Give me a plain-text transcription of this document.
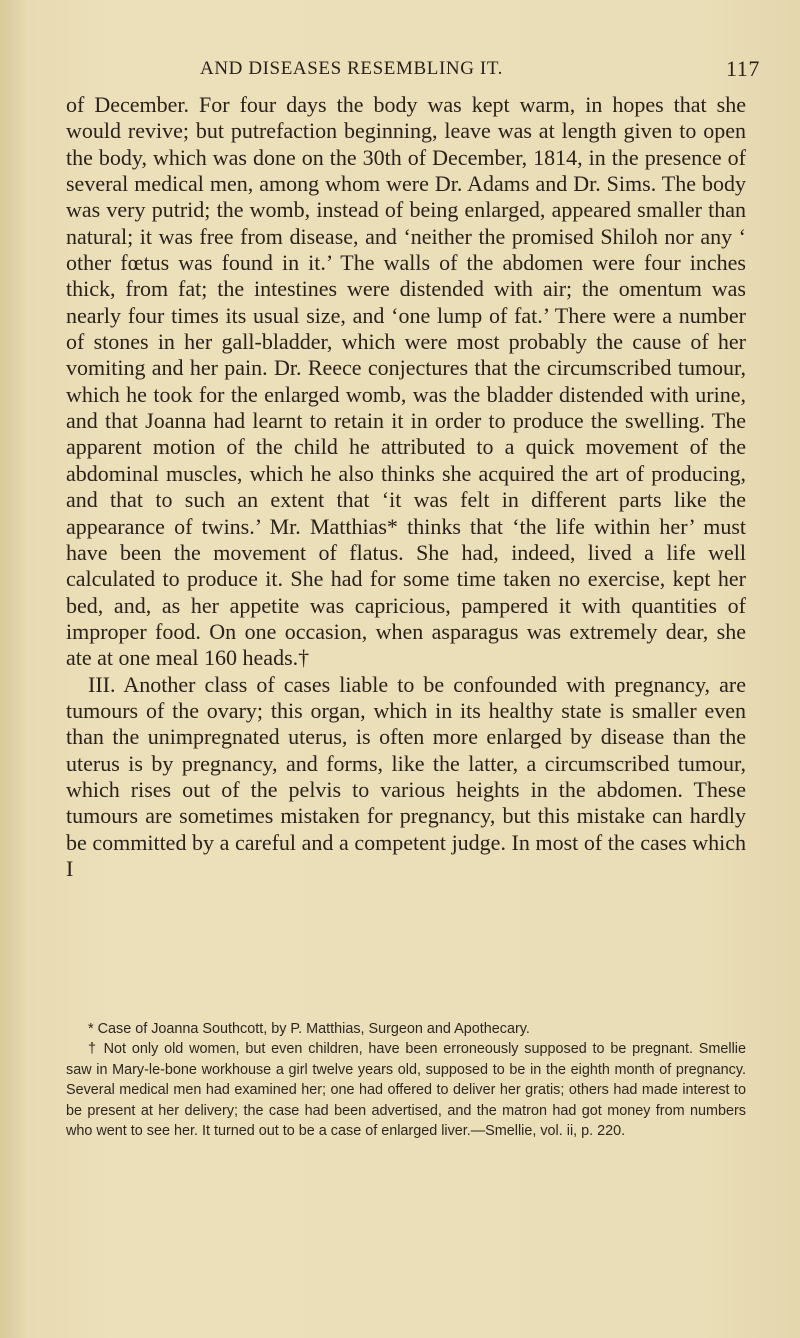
AND DISEASES RESEMBLING IT.	117

of December. For four days the body was kept warm, in hopes that she would revive; but putrefaction beginning, leave was at length given to open the body, which was done on the 30th of December, 1814, in the presence of several medical men, among whom were Dr. Adams and Dr. Sims. The body was very putrid; the womb, instead of being enlarged, appeared smaller than natural; it was free from disease, and ‘neither the promised Shiloh nor any ‘ other fœtus was found in it.’ The walls of the abdomen were four inches thick, from fat; the intestines were distended with air; the omentum was nearly four times its usual size, and ‘one lump of fat.’ There were a number of stones in her gall-bladder, which were most probably the cause of her vomiting and her pain. Dr. Reece conjectures that the circumscribed tumour, which he took for the enlarged womb, was the bladder distended with urine, and that Joanna had learnt to retain it in order to produce the swelling. The apparent motion of the child he attributed to a quick movement of the abdominal muscles, which he also thinks she acquired the art of producing, and that to such an extent that ‘it was felt in different parts like the appearance of twins.’ Mr. Matthias* thinks that ‘the life within her’ must have been the movement of flatus. She had, indeed, lived a life well calculated to produce it. She had for some time taken no exercise, kept her bed, and, as her appetite was capricious, pampered it with quantities of improper food. On one occasion, when asparagus was extremely dear, she ate at one meal 160 heads.†

III. Another class of cases liable to be confounded with pregnancy, are tumours of the ovary; this organ, which in its healthy state is smaller even than the unimpregnated uterus, is often more enlarged by disease than the uterus is by pregnancy, and forms, like the latter, a circumscribed tumour, which rises out of the pelvis to various heights in the abdomen. These tumours are sometimes mistaken for pregnancy, but this mistake can hardly be committed by a careful and a competent judge. In most of the cases which I

* Case of Joanna Southcott, by P. Matthias, Surgeon and Apothecary.

† Not only old women, but even children, have been erroneously supposed to be pregnant. Smellie saw in Mary-le-bone workhouse a girl twelve years old, supposed to be in the eighth month of pregnancy. Several medical men had examined her; one had offered to deliver her gratis; others had made interest to be present at her delivery; the case had been advertised, and the matron had got money from numbers who went to see her. It turned out to be a case of enlarged liver.—Smellie, vol. ii, p. 220.
